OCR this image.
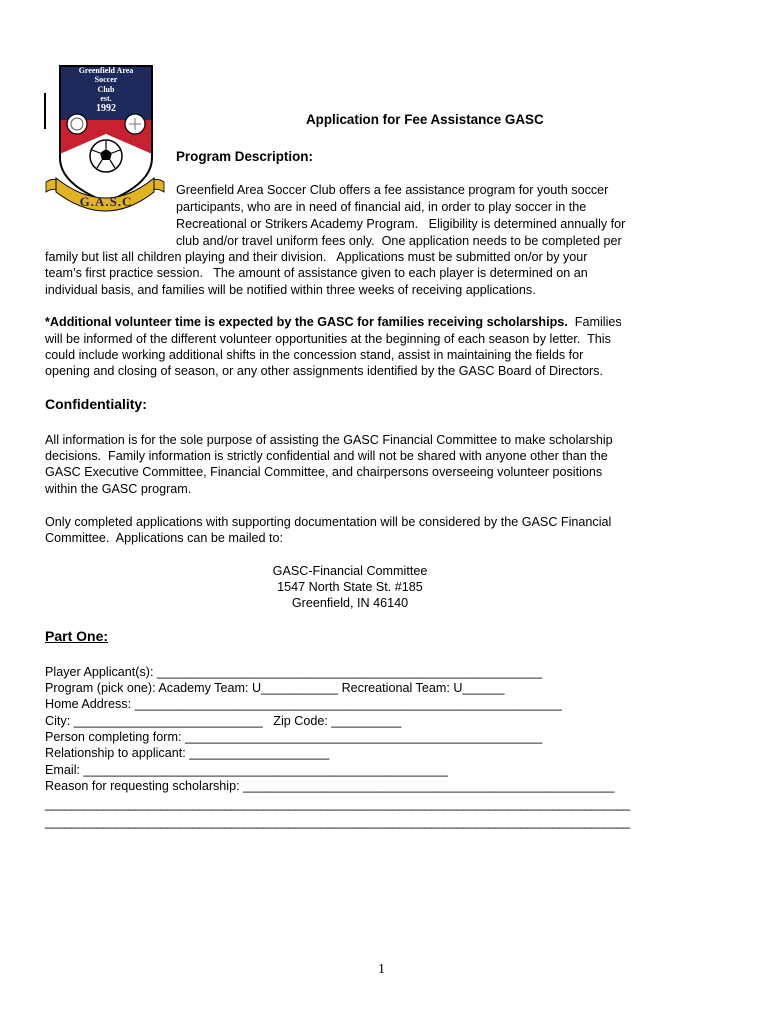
Greenfield Area
Soccer
Club
est.
1992
G.A.S.C
Application for Fee Assistance GASC
Program Description:
Greenfield Area Soccer Club offers a fee assistance program for youth soccer
participants, who are in need of financial aid, in order to play soccer in the
Recreational or Strikers Academy Program.   Eligibility is determined annually for
club and/or travel uniform fees only.  One application needs to be completed per
family but list all children playing and their division.   Applications must be submitted on/or by your
team’s first practice session.   The amount of assistance given to each player is determined on an
individual basis, and families will be notified within three weeks of receiving applications.
*Additional volunteer time is expected by the GASC for families receiving scholarships.  Families
will be informed of the different volunteer opportunities at the beginning of each season by letter.  This
could include working additional shifts in the concession stand, assist in maintaining the fields for
opening and closing of season, or any other assignments identified by the GASC Board of Directors.
Confidentiality:
All information is for the sole purpose of assisting the GASC Financial Committee to make scholarship
decisions.  Family information is strictly confidential and will not be shared with anyone other than the
GASC Executive Committee, Financial Committee, and chairpersons overseeing volunteer positions
within the GASC program.
Only completed applications with supporting documentation will be considered by the GASC Financial
Committee.  Applications can be mailed to:
GASC-Financial Committee
1547 North State St. #185
Greenfield, IN 46140
Part One:
Player Applicant(s): _______________________________________________________
Program (pick one): Academy Team: U___________ Recreational Team: U______
Home Address: _____________________________________________________________
City: ___________________________   Zip Code: __________
Person completing form: ___________________________________________________
Relationship to applicant: ____________________
Email: ____________________________________________________
Reason for requesting scholarship: _____________________________________________________
___________________________________________________________________________________________
___________________________________________________________________________________________
1
